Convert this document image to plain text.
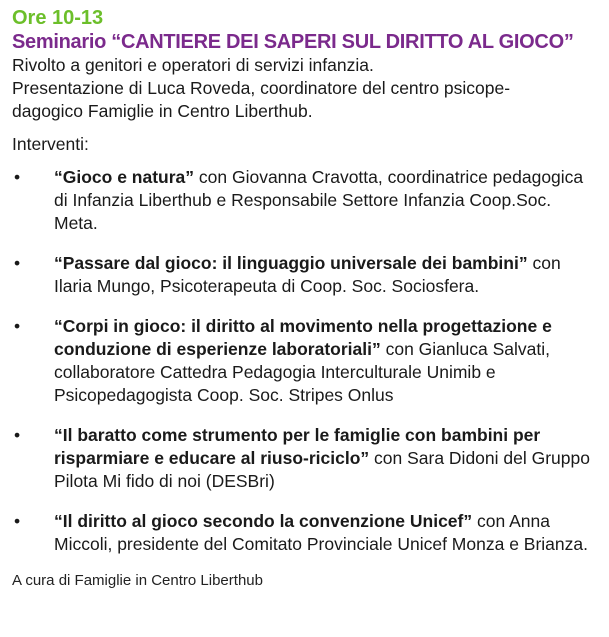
Ore 10-13
Seminario “CANTIERE DEI SAPERI SUL DIRITTO AL GIOCO”
Rivolto a genitori e operatori di servizi infanzia.
Presentazione di Luca Roveda, coordinatore del centro psicope-
dagogico Famiglie in Centro Liberthub.
Interventi:
• “Gioco e natura” con Giovanna Cravotta, coordinatrice pedagogica di Infanzia Liberthub e Responsabile Settore Infanzia Coop.Soc. Meta.
• “Passare dal gioco: il linguaggio universale dei bambini” con Ilaria Mungo, Psicoterapeuta di Coop. Soc. Sociosfera.
• “Corpi in gioco: il diritto al movimento nella progettazione e conduzione di esperienze laboratoriali” con Gianluca Salvati, collaboratore Cattedra Pedagogia Interculturale Unimib e Psicopedagogista Coop. Soc. Stripes Onlus
• “Il baratto come strumento per le famiglie con bambini per risparmiare e educare al riuso-riciclo” con Sara Didoni del Gruppo Pilota Mi fido di noi (DESBri)
• “Il diritto al gioco secondo la convenzione Unicef” con Anna Miccoli, presidente del Comitato Provinciale Unicef Monza e Brianza.
A cura di Famiglie in Centro Liberthub
